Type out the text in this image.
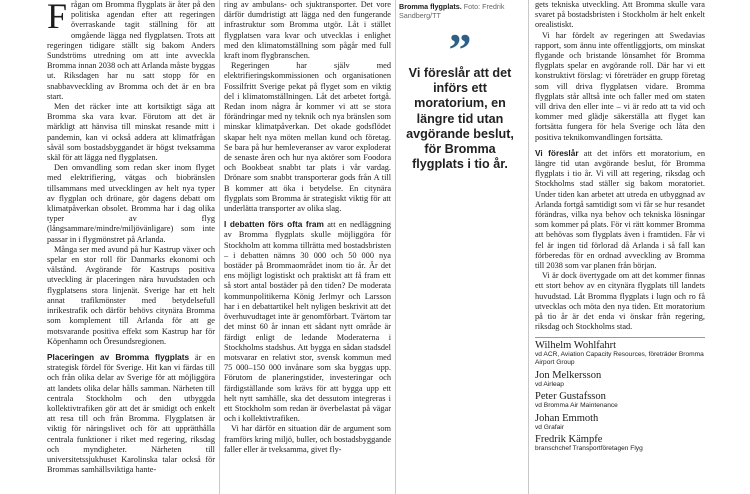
Frågan om Bromma flygplats är åter på den politiska agendan efter att regeringen överraskande tagit ställning för att omgående lägga ned flygplatsen. Trots att regeringen tidigare ställt sig bakom Anders Sundströms utredning om att inte avveckla Bromma innan 2038 och att Arlanda måste byggas ut. Riksdagen har nu satt stopp för en snabbavveckling av Bromma och det är en bra start.

Men det räcker inte att kortsiktigt säga att Bromma ska vara kvar. Förutom att det är märkligt att hänvisa till minskat resande mitt i pandemin, kan vi också addera att klimatfrågan såväl som bostadsbyggandet är högst tveksamma skäl för att lägga ned flygplatsen.

Den omvandling som redan sker inom flyget med elektrifiering, vätgas och biobränslen tillsammans med utvecklingen av helt nya typer av flygplan och drönare, gör dagens debatt om klimatpåverkan obsolet. Bromma har i dag olika typer av flyg (långsammare/mindre/miljövänligare) som inte passar in i flygmönstret på Arlanda.

Många ser med avund på hur Kastrup växer och spelar en stor roll för Danmarks ekonomi och välstånd. Avgörande för Kastrups positiva utveckling är placeringen nära huvudstaden och flygplatsens stora linjenät. Sverige har ett helt annat trafikmönster med betydelsefull inrikestrafik och därför behövs citynära Bromma som komplement till Arlanda för att ge motsvarande positiva effekt som Kastrup har för Köpenhamn och Öresundsregionen.

Placeringen av Bromma flygplats är en strategisk fördel för Sverige. Hit kan vi färdas till och från olika delar av Sverige för att möjliggöra att landets olika delar hålls samman. Närheten till centrala Stockholm och den utbyggda kollektivtrafiken gör att det är smidigt och enkelt att resa till och från Bromma. Flygplatsen är viktig för näringslivet och för att upprätthålla centrala funktioner i riket med regering, riksdag och myndigheter. Närheten till universitetssjukhuset Karolinska talar också för Brommas samhällsviktiga hante-

ring av ambulans- och sjuktransporter. Det vore därför dumdristigt att lägga ned den fungerande infrastruktur som Bromma utgör. Låt i stället flygplatsen vara kvar och utvecklas i enlighet med den klimatomställning som pågår med full kraft inom flygbranschen.

Regeringen har själv med elektrifieringskommissionen och organisationen Fossilfritt Sverige pekat på flyget som en viktig del i klimatomställningen. Låt det arbetet fortgå. Redan inom några år kommer vi att se stora förändringar med ny teknik och nya bränslen som minskar klimatpåverkan. Det okade godsflödet skapar helt nya möten mellan kund och företag. Se bara på hur hemleveranser av varor exploderat de senaste åren och hur nya aktörer som Foodora och Bookbeat snabbt tar plats i vår vardag. Drönare som snabbt transporterar gods från A till B kommer att öka i betydelse. En citynära flygplats som Bromma är strategiskt viktig för att underlätta transporter av olika slag.

I debatten förs ofta fram att en nedläggning av Bromma flygplats skulle möjliggöra för Stockholm att komma tillrätta med bostadsbristen – i debatten nämns 30 000 och 50 000 nya bostäder på Brommaområdet inom tio år. Är det ens möjligt logistiskt och praktiskt att få fram ett så stort antal bostäder på den tiden? De moderata kommunpolitikerna König Jerlmyr och Larsson har i en debattartikel helt nyligen beskrivit att det överhuvudtaget inte är genomförbart. Tvärtom tar det minst 60 år innan ett sådant nytt område är färdigt enligt de ledande Moderaterna i Stockholms stadshus. Att bygga en sådan stadsdel motsvarar en relativt stor, svensk kommun med 75 000–150 000 invånare som ska byggas upp. Förutom de planeringstider, investeringar och färdigställande som krävs för att bygga upp ett helt nytt samhälle, ska det dessutom integreras i ett Stockholm som redan är överbelastat på vägar och i kollektivtrafiken.

Vi har därför en situation där de argument som framförs kring miljö, buller, och bostadsbyggande faller eller är tveksamma, givet fly-

Bromma flygplats. Foto: Fredrik Sandberg/TT
”
Vi föreslår att det införs ett moratorium, en längre tid utan avgörande beslut, för Bromma flygplats i tio år.

gets tekniska utveckling. Att Bromma skulle vara svaret på bostadsbristen i Stockholm är helt enkelt orealistiskt.

Vi har fördelt av regeringen att Swedavias rapport, som ännu inte offentliggjorts, om minskat flygande och bristande lönsamhet för Bromma flygplats spelar en avgörande roll. Där har vi ett konstruktivt förslag: vi företräder en grupp företag som vill driva flygplatsen vidare. Bromma flygplats står alltså inte och faller med om staten vill driva den eller inte – vi är redo att ta vid och kommer med glädje säkerställa att flyget kan fortsätta fungera för hela Sverige och låta den positiva teknikomvandlingen fortsätta.

Vi föreslår att det införs ett moratorium, en längre tid utan avgörande beslut, för Bromma flygplats i tio år. Vi vill att regering, riksdag och Stockholms stad ställer sig bakom moratoriet. Under tiden kan arbetet att utreda en utbyggnad av Arlanda fortgå samtidigt som vi får se hur resandet förändras, vilka nya behov och tekniska lösningar som kommer på plats. För vi rätt kommer Bromma att behövas som flygplats även i framtiden. Får vi fel är ingen tid förlorad då Arlanda i så fall kan förberedas för en ordnad avveckling av Bromma till 2038 som var planen från början.

Vi är dock övertygade om att det kommer finnas ett stort behov av en citynära flygplats till landets huvudstad. Låt Bromma flygplats i lugn och ro få utvecklas och möta den nya tiden. Ett moratorium på tio år är det enda vi önskar från regering, riksdag och Stockholms stad.

Wilhelm Wohlfahrt
vd ACR, Aviation Capacity Resources, företräder Bromma Airport Group
Jon Melkersson
vd Airleap
Peter Gustafsson
vd Bromma Air Maintenance
Johan Emmoth
vd Grafair
Fredrik Kämpfe
branschchef Transportföretagen Flyg
